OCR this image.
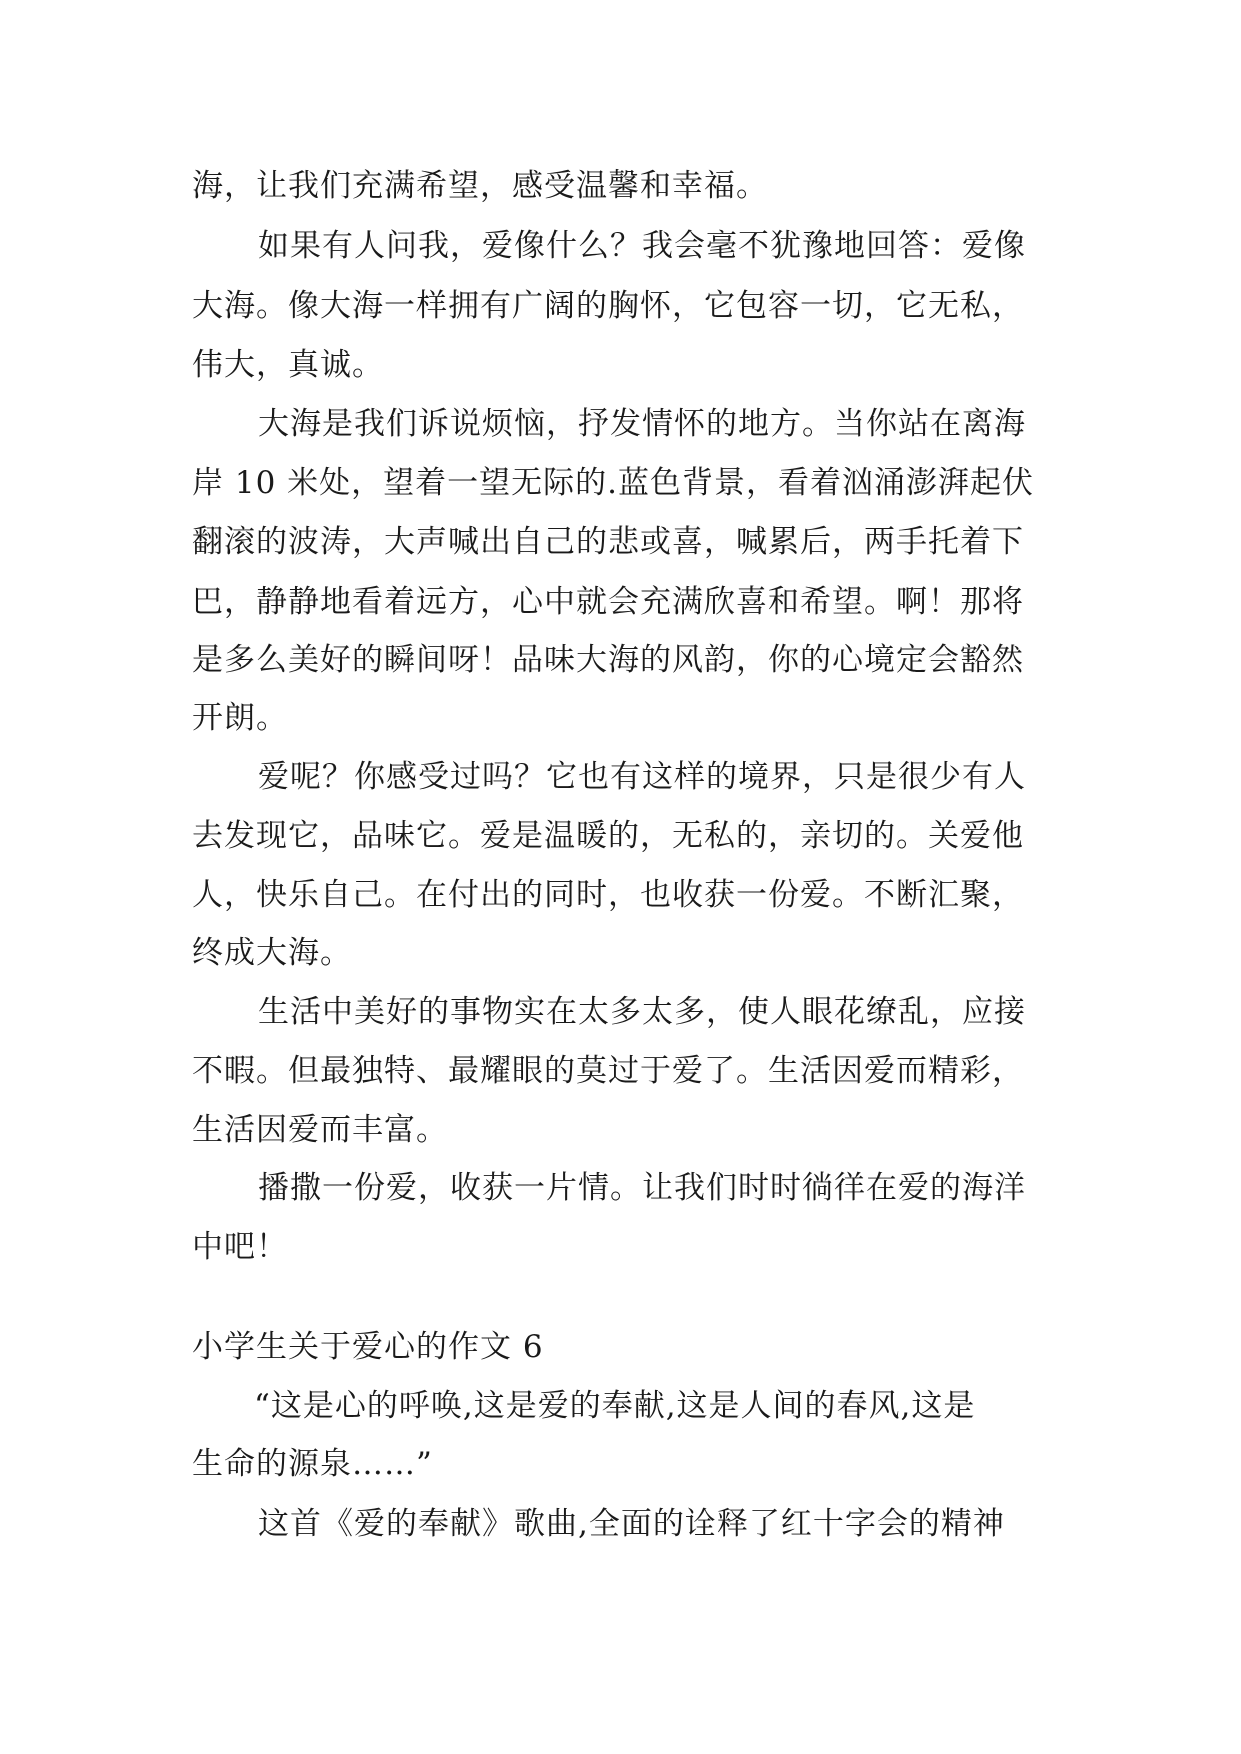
海，让我们充满希望，感受温馨和幸福。
如果有人问我，爱像什么？我会毫不犹豫地回答：爱像
大海。像大海一样拥有广阔的胸怀，它包容一切，它无私，
伟大，真诚。
大海是我们诉说烦恼，抒发情怀的地方。当你站在离海
岸 10 米处，望着一望无际的.蓝色背景，看着汹涌澎湃起伏
翻滚的波涛，大声喊出自己的悲或喜，喊累后，两手托着下
巴，静静地看着远方，心中就会充满欣喜和希望。啊！那将
是多么美好的瞬间呀！品味大海的风韵，你的心境定会豁然
开朗。
爱呢？你感受过吗？它也有这样的境界，只是很少有人
去发现它，品味它。爱是温暖的，无私的，亲切的。关爱他
人，快乐自己。在付出的同时，也收获一份爱。不断汇聚，
终成大海。
生活中美好的事物实在太多太多，使人眼花缭乱，应接
不暇。但最独特、最耀眼的莫过于爱了。生活因爱而精彩，
生活因爱而丰富。
播撒一份爱，收获一片情。让我们时时徜徉在爱的海洋
中吧！
小学生关于爱心的作文 6
“这是心的呼唤,这是爱的奉献,这是人间的春风,这是
生命的源泉……”
这首《爱的奉献》歌曲,全面的诠释了红十字会的精神
